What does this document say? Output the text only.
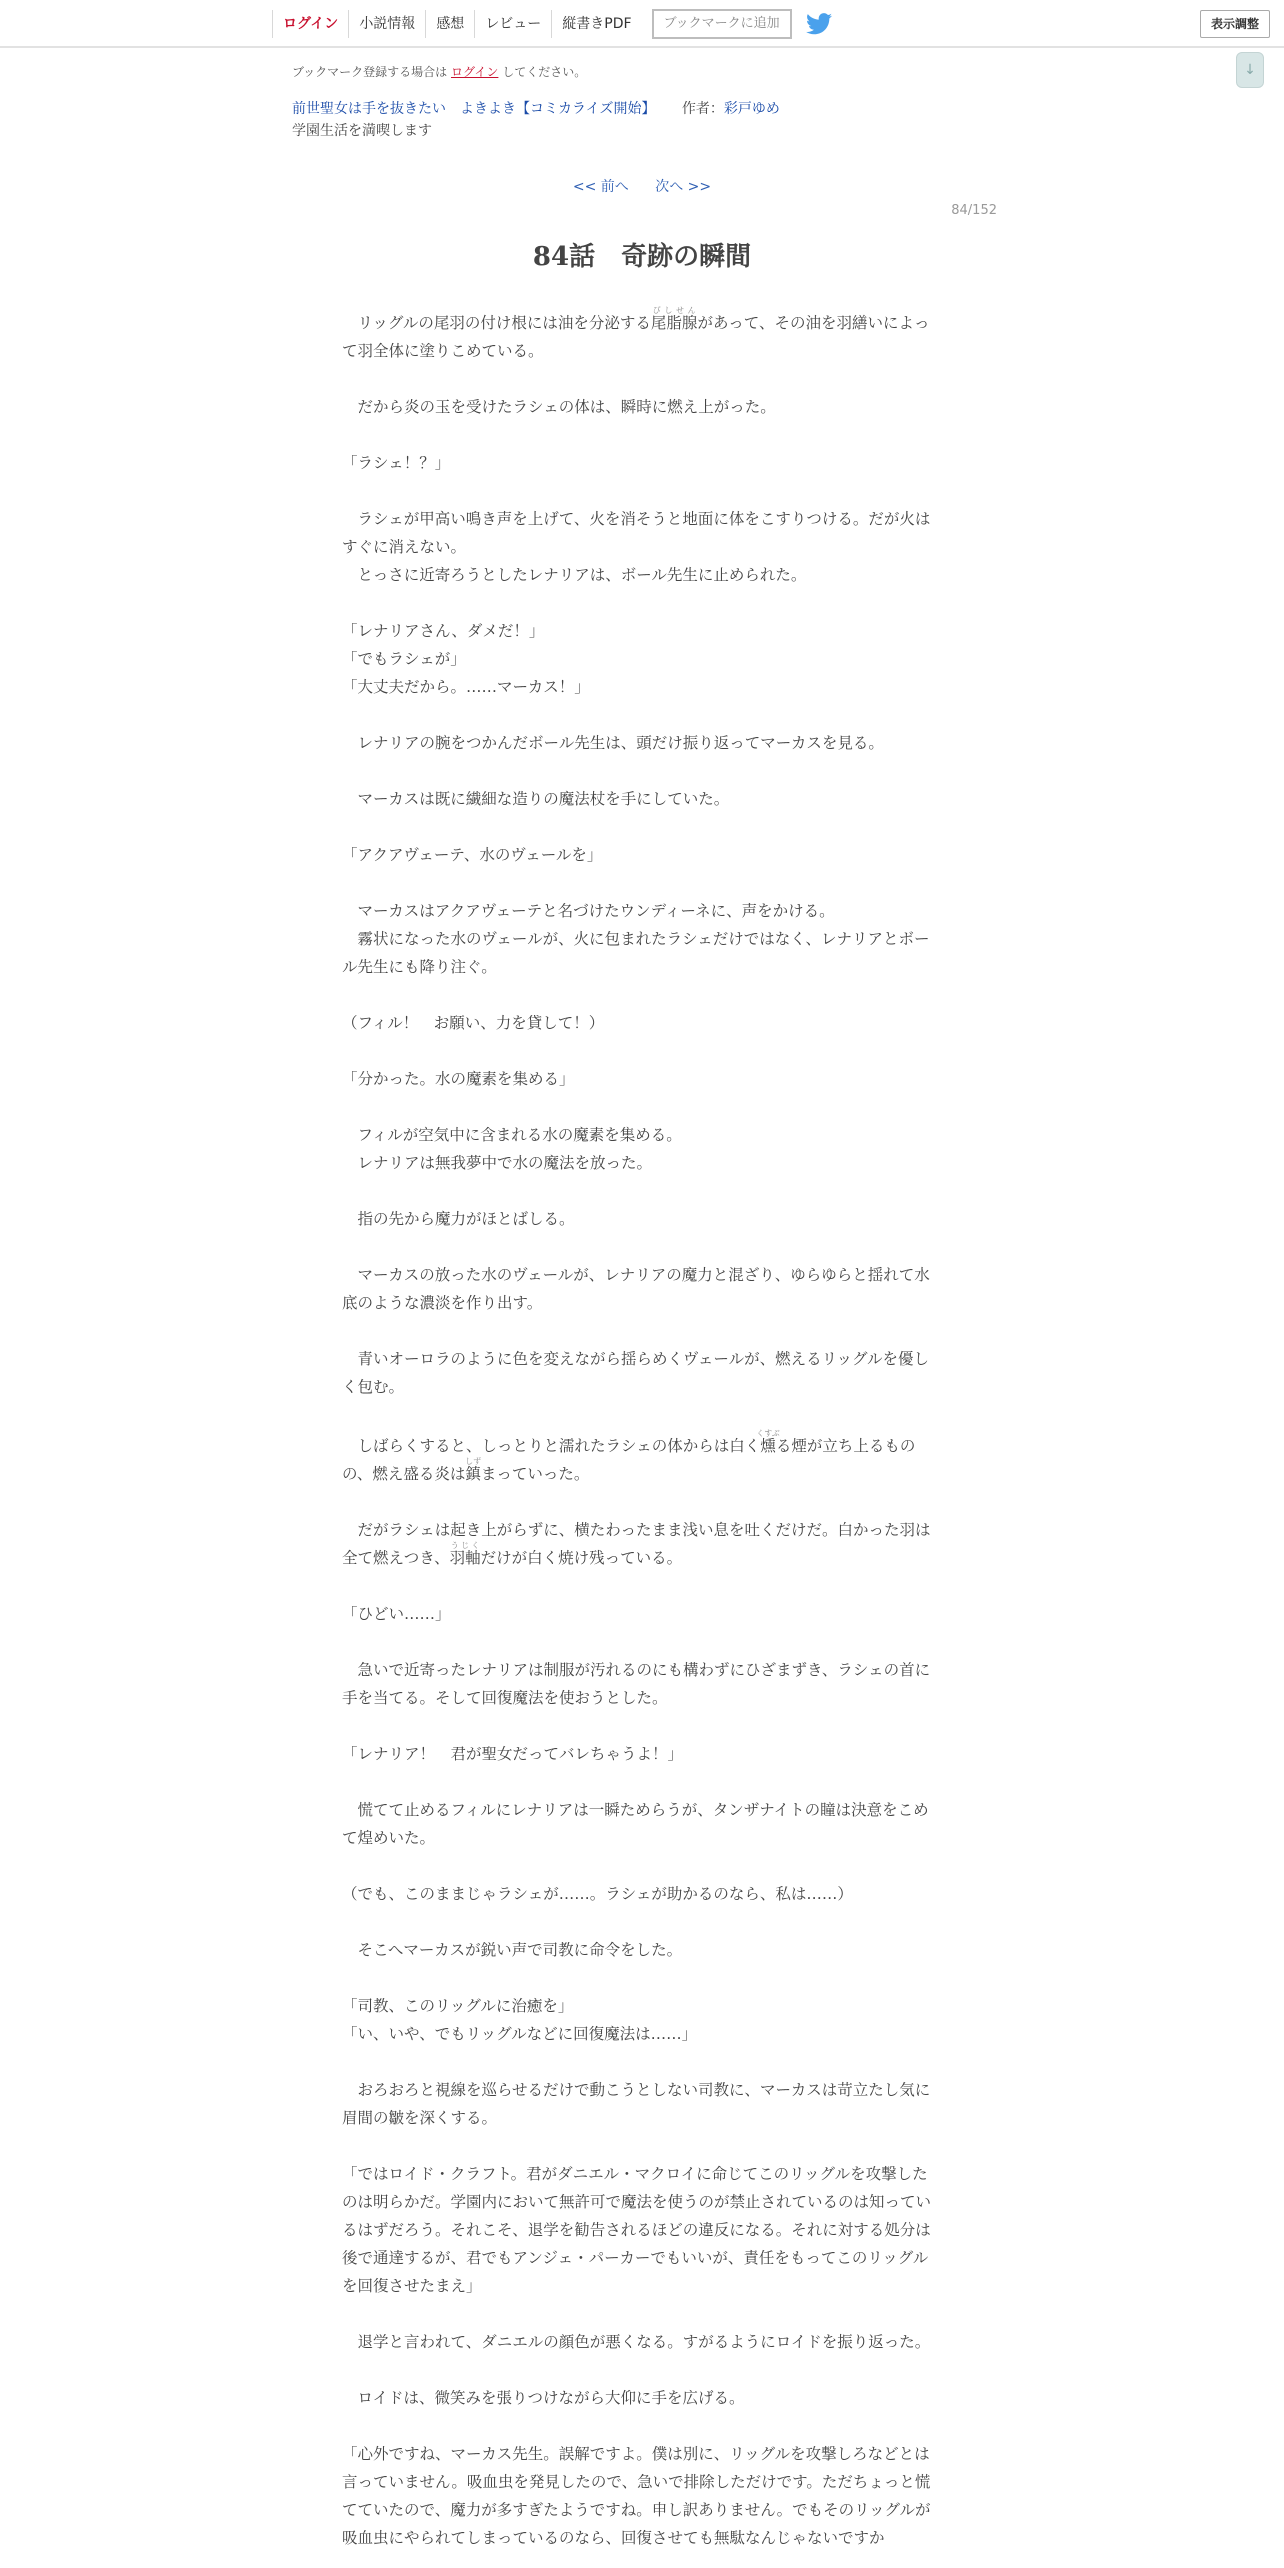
ログイン	小説情報	感想	レビュー	縦書きPDF	ブックマークに追加	表示調整
↓
ブックマーク登録する場合は ログイン してください。
前世聖女は手を抜きたい　よきよき【コミカライズ開始】 作者：彩戸ゆめ
学園生活を満喫します
<< 前へ 次へ >>
84/152
84話　奇跡の瞬間

　リッグルの尾羽の付け根には油を分泌する尾脂腺びしせんがあって、その油を羽繕いによって羽全体に塗りこめている。

　だから炎の玉を受けたラシェの体は、瞬時に燃え上がった。

「ラシェ！？」

　ラシェが甲高い鳴き声を上げて、火を消そうと地面に体をこすりつける。だが火はすぐに消えない。

　とっさに近寄ろうとしたレナリアは、ボール先生に止められた。

「レナリアさん、ダメだ！」

「でもラシェが」

「大丈夫だから。……マーカス！」

　レナリアの腕をつかんだボール先生は、頭だけ振り返ってマーカスを見る。

　マーカスは既に繊細な造りの魔法杖を手にしていた。

「アクアヴェーテ、水のヴェールを」

　マーカスはアクアヴェーテと名づけたウンディーネに、声をかける。

　霧状になった水のヴェールが、火に包まれたラシェだけではなく、レナリアとボール先生にも降り注ぐ。

（フィル！　お願い、力を貸して！）

「分かった。水の魔素を集める」

　フィルが空気中に含まれる水の魔素を集める。

　レナリアは無我夢中で水の魔法を放った。

　指の先から魔力がほとばしる。

　マーカスの放った水のヴェールが、レナリアの魔力と混ざり、ゆらゆらと揺れて水底のような濃淡を作り出す。

　青いオーロラのように色を変えながら揺らめくヴェールが、燃えるリッグルを優しく包む。

　しばらくすると、しっとりと濡れたラシェの体からは白く燻くすぶる煙が立ち上るものの、燃え盛る炎は鎮しずまっていった。

　だがラシェは起き上がらずに、横たわったまま浅い息を吐くだけだ。白かった羽は全て燃えつき、羽軸うじくだけが白く焼け残っている。

「ひどい……」

　急いで近寄ったレナリアは制服が汚れるのにも構わずにひざまずき、ラシェの首に手を当てる。そして回復魔法を使おうとした。

「レナリア！　君が聖女だってバレちゃうよ！」

　慌てて止めるフィルにレナリアは一瞬ためらうが、タンザナイトの瞳は決意をこめて煌めいた。

（でも、このままじゃラシェが……。ラシェが助かるのなら、私は……）

　そこへマーカスが鋭い声で司教に命令をした。

「司教、このリッグルに治癒を」

「い、いや、でもリッグルなどに回復魔法は……」

　おろおろと視線を巡らせるだけで動こうとしない司教に、マーカスは苛立たし気に眉間の皺を深くする。

「ではロイド・クラフト。君がダニエル・マクロイに命じてこのリッグルを攻撃したのは明らかだ。学園内において無許可で魔法を使うのが禁止されているのは知っているはずだろう。それこそ、退学を勧告されるほどの違反になる。それに対する処分は後で通達するが、君でもアンジェ・パーカーでもいいが、責任をもってこのリッグルを回復させたまえ」

　退学と言われて、ダニエルの顔色が悪くなる。すがるようにロイドを振り返った。

　ロイドは、微笑みを張りつけながら大仰に手を広げる。

「心外ですね、マーカス先生。誤解ですよ。僕は別に、リッグルを攻撃しろなどとは言っていません。吸血虫を発見したので、急いで排除しただけです。ただちょっと慌てていたので、魔力が多すぎたようですね。申し訳ありません。でもそのリッグルが吸血虫にやられてしまっているのなら、回復させても無駄なんじゃないですか
